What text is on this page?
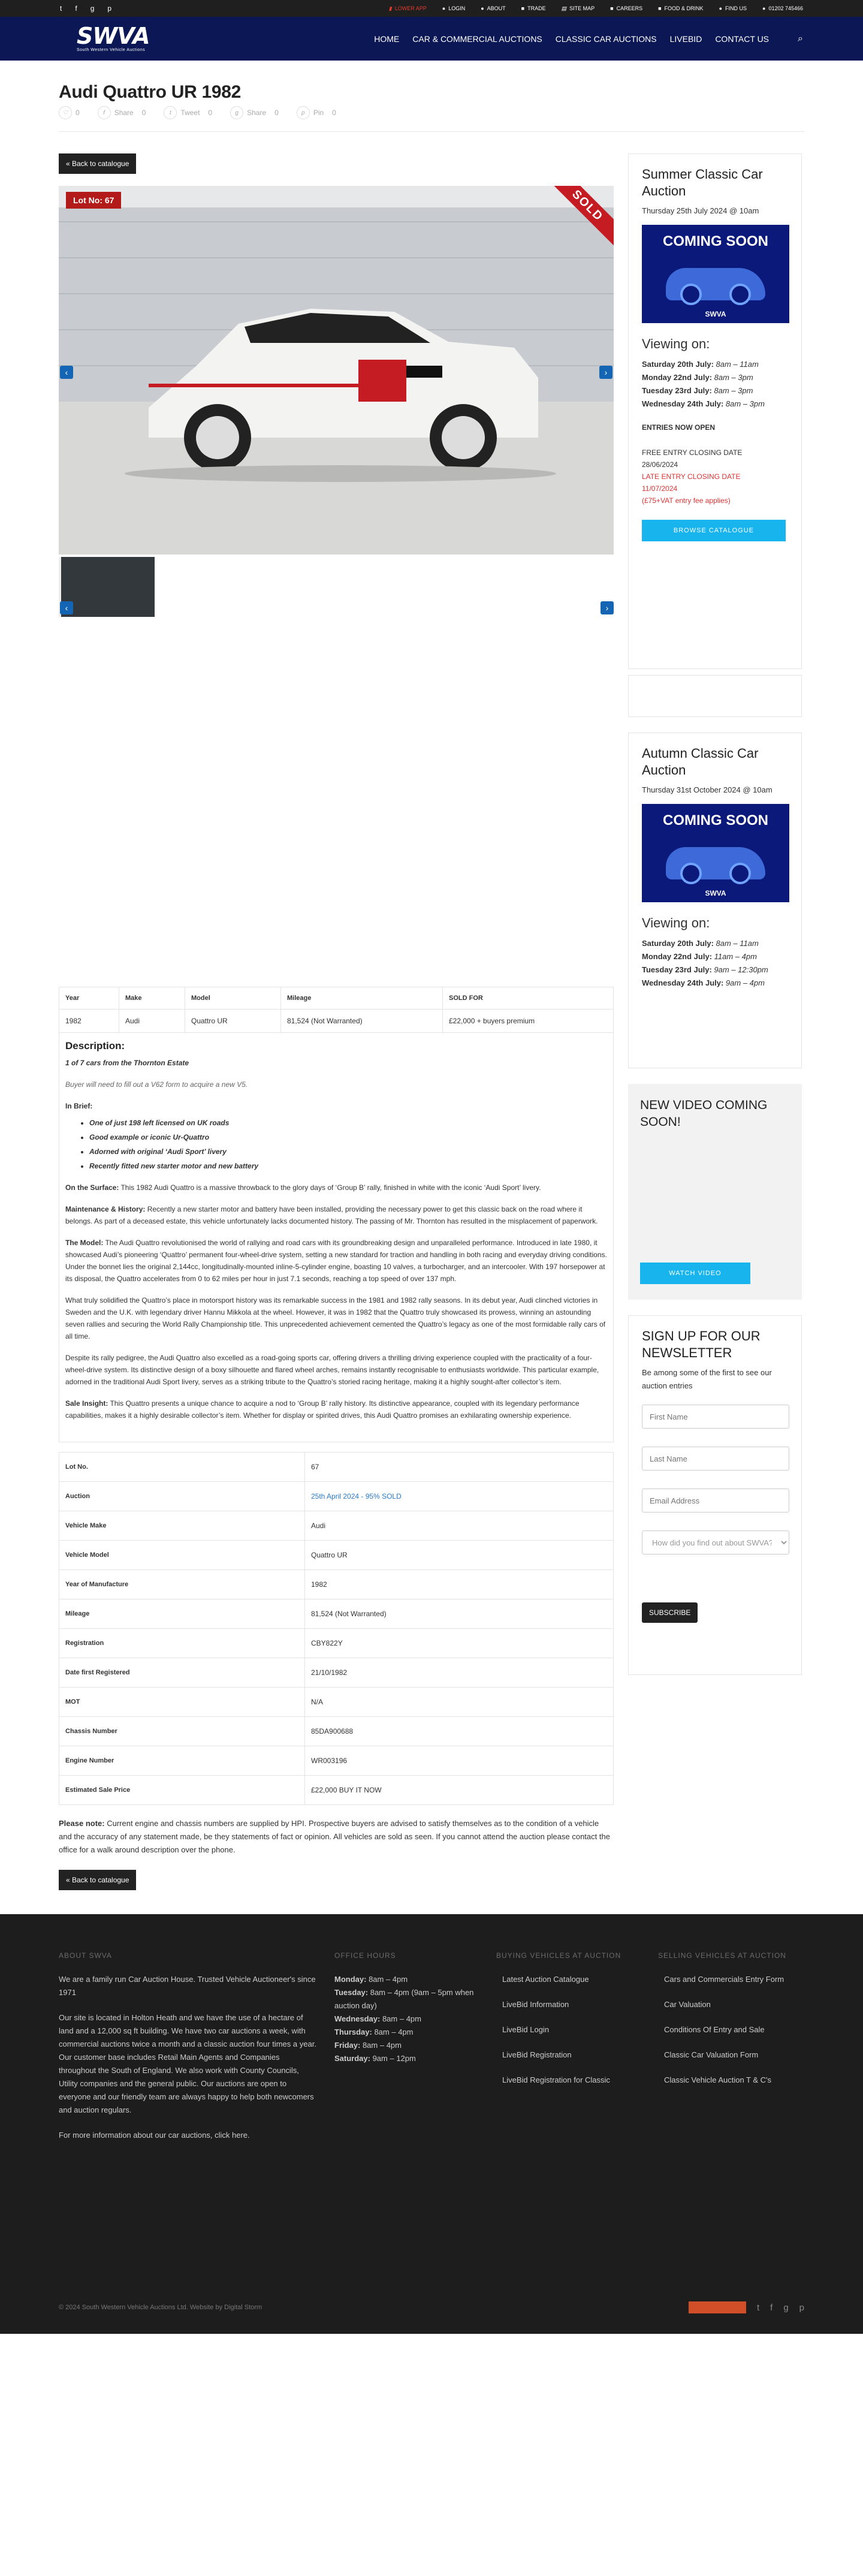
t f g p	▮ LOWER APP	● LOGIN	● ABOUT	■ TRADE	▤ SITE MAP	■ CAREERS	■ FOOD & DRINK	● FIND US	● 01202 745466
SWVA
South Western Vehicle Auctions
HOME CAR & COMMERCIAL AUCTIONS CLASSIC CAR AUCTIONS LIVEBID CONTACT US	⌕
Audi Quattro UR 1982
♡	0	f	Share 0	t	Tweet 0	g	Share 0	p	Pin 0
« Back to catalogue
Lot No: 67	SOLD
‹	›
‹	›
Year	Make	Model	Mileage	SOLD FOR
1982	Audi	Quattro UR	81,524 (Not Warranted)	£22,000 + buyers premium
Description:

1 of 7 cars from the Thornton Estate

Buyer will need to fill out a V62 form to acquire a new V5.

In Brief:

• One of just 198 left licensed on UK roads
• Good example or iconic Ur-Quattro
• Adorned with original ‘Audi Sport’ livery
• Recently fitted new starter motor and new battery

On the Surface: This 1982 Audi Quattro is a massive throwback to the glory days of ‘Group B’ rally, finished in white with the iconic ‘Audi Sport’ livery.

Maintenance & History: Recently a new starter motor and battery have been installed, providing the necessary power to get this classic back on the road where it belongs. As part of a deceased estate, this vehicle unfortunately lacks documented history. The passing of Mr. Thornton has resulted in the misplacement of paperwork.

The Model: The Audi Quattro revolutionised the world of rallying and road cars with its groundbreaking design and unparalleled performance. Introduced in late 1980, it showcased Audi’s pioneering ‘Quattro’ permanent four-wheel-drive system, setting a new standard for traction and handling in both racing and everyday driving conditions. Under the bonnet lies the original 2,144cc, longitudinally-mounted inline-5-cylinder engine, boasting 10 valves, a turbocharger, and an intercooler. With 197 horsepower at its disposal, the Quattro accelerates from 0 to 62 miles per hour in just 7.1 seconds, reaching a top speed of over 137 mph.

What truly solidified the Quattro’s place in motorsport history was its remarkable success in the 1981 and 1982 rally seasons. In its debut year, Audi clinched victories in Sweden and the U.K. with legendary driver Hannu Mikkola at the wheel. However, it was in 1982 that the Quattro truly showcased its prowess, winning an astounding seven rallies and securing the World Rally Championship title. This unprecedented achievement cemented the Quattro’s legacy as one of the most formidable rally cars of all time.

Despite its rally pedigree, the Audi Quattro also excelled as a road-going sports car, offering drivers a thrilling driving experience coupled with the practicality of a four-wheel-drive system. Its distinctive design of a boxy silhouette and flared wheel arches, remains instantly recognisable to enthusiasts worldwide. This particular example, adorned in the traditional Audi Sport livery, serves as a striking tribute to the Quattro’s storied racing heritage, making it a highly sought-after collector’s item.

Sale Insight: This Quattro presents a unique chance to acquire a nod to ‘Group B’ rally history. Its distinctive appearance, coupled with its legendary performance capabilities, makes it a highly desirable collector’s item. Whether for display or spirited drives, this Audi Quattro promises an exhilarating ownership experience.

Lot No.	67
Auction	25th April 2024 - 95% SOLD
Vehicle Make	Audi
Vehicle Model	Quattro UR
Year of Manufacture	1982
Mileage	81,524 (Not Warranted)
Registration	CBY822Y
Date first Registered	21/10/1982
MOT	N/A
Chassis Number	85DA900688
Engine Number	WR003196
Estimated Sale Price	£22,000 BUY IT NOW

Please note: Current engine and chassis numbers are supplied by HPI. Prospective buyers are advised to satisfy themselves as to the condition of a vehicle and the accuracy of any statement made, be they statements of fact or opinion. All vehicles are sold as seen. If you cannot attend the auction please contact the office for a walk around description over the phone.

« Back to catalogue
Summer Classic Car Auction
Thursday 25th July 2024 @ 10am
COMING SOON
SWVA
Viewing on:
Saturday 20th July: 8am – 11am
Monday 22nd July: 8am – 3pm
Tuesday 23rd July: 8am – 3pm
Wednesday 24th July: 8am – 3pm
ENTRIES NOW OPEN
FREE ENTRY CLOSING DATE
28/06/2024
LATE ENTRY CLOSING DATE
11/07/2024
(£75+VAT entry fee applies)
BROWSE CATALOGUE
Autumn Classic Car Auction
Thursday 31st October 2024 @ 10am
COMING SOON
SWVA
Viewing on:
Saturday 20th July: 8am – 11am
Monday 22nd July: 11am – 4pm
Tuesday 23rd July: 9am – 12:30pm
Wednesday 24th July: 9am – 4pm
NEW VIDEO COMING SOON!
WATCH VIDEO
SIGN UP FOR OUR NEWSLETTER
Be among some of the first to see our auction entries
First Name Last Name Email Address
How did you find out about SWVA? SUBSCRIBE
ABOUT SWVA

We are a family run Car Auction House. Trusted Vehicle Auctioneer's since 1971

Our site is located in Holton Heath and we have the use of a hectare of land and a 12,000 sq ft building. We have two car auctions a week, with commercial auctions twice a month and a classic auction four times a year. Our customer base includes Retail Main Agents and Companies throughout the South of England. We also work with County Councils, Utility companies and the general public. Our auctions are open to everyone and our friendly team are always happy to help both newcomers and auction regulars.

For more information about our car auctions, click here.

OFFICE HOURS

Monday: 8am – 4pm

Tuesday: 8am – 4pm (9am – 5pm when auction day)

Wednesday: 8am – 4pm

Thursday: 8am – 4pm

Friday: 8am – 4pm

Saturday: 9am – 12pm

BUYING VEHICLES AT AUCTION
Latest Auction Catalogue
LiveBid Information
LiveBid Login
LiveBid Registration
LiveBid Registration for Classic
SELLING VEHICLES AT AUCTION
Cars and Commercials Entry Form
Car Valuation
Conditions Of Entry and Sale
Classic Car Valuation Form
Classic Vehicle Auction T & C's
© 2024 South Western Vehicle Auctions Ltd. Website by Digital Storm	t f g p
